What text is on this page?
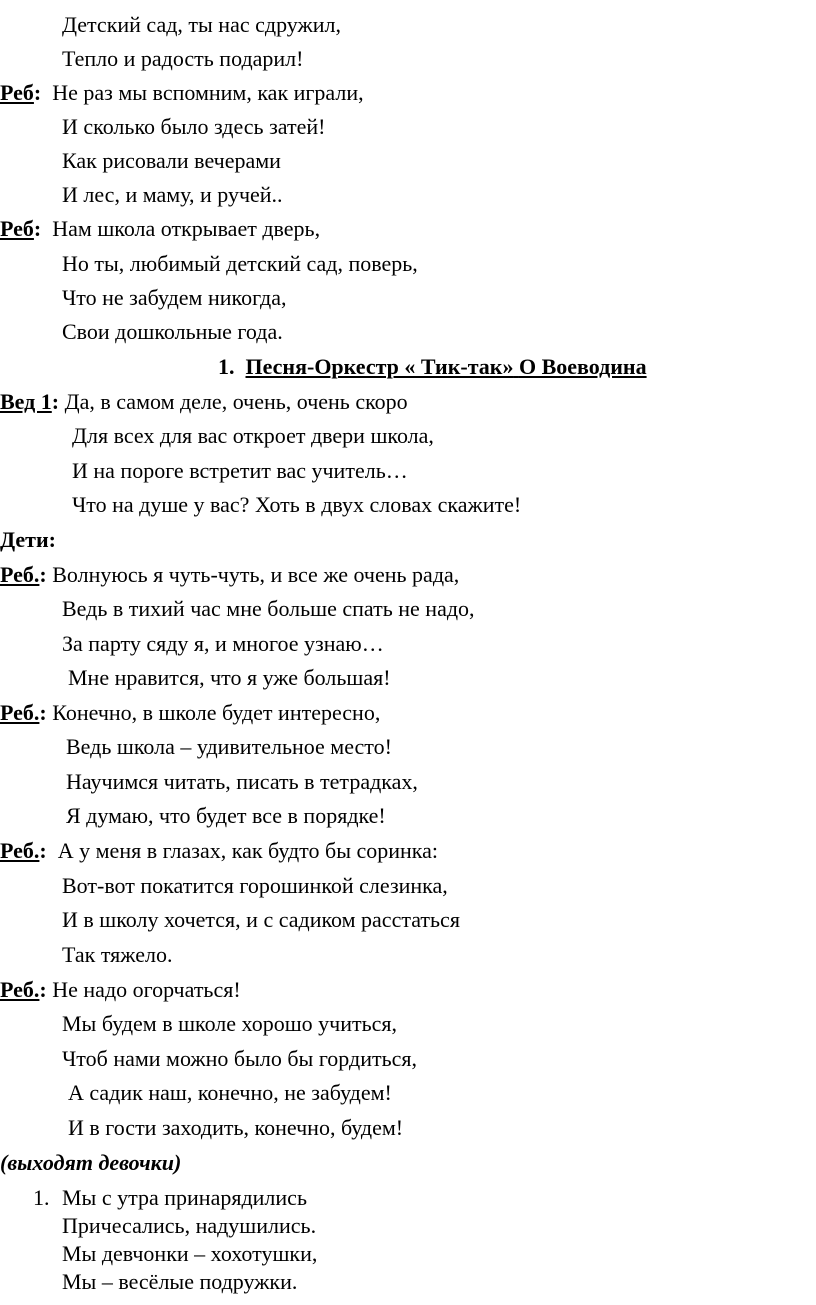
Детский сад, ты нас сдружил,
Тепло и радость подарил!
Реб: Не раз мы вспомним, как играли,
И сколько было здесь затей!
Как рисовали вечерами
И лес, и маму, и ручей..
Реб: Нам школа открывает дверь,
Но ты, любимый детский сад, поверь,
Что не забудем никогда,
Свои дошкольные года.
1. Песня-Оркестр « Тик-так» О Воеводина
Вед 1: Да, в самом деле, очень, очень скоро
Для всех для вас откроет двери школа,
И на пороге встретит вас учитель…
Что на душе у вас? Хоть в двух словах скажите!
Дети:
Реб.: Волнуюсь я чуть-чуть, и все же очень рада,
Ведь в тихий час мне больше спать не надо,
За парту сяду я, и многое узнаю…
Мне нравится, что я уже большая!
Реб.: Конечно, в школе будет интересно,
Ведь школа – удивительное место!
Научимся читать, писать в тетрадках,
Я думаю, что будет все в порядке!
Реб.: А у меня в глазах, как будто бы соринка:
Вот-вот покатится горошинкой слезинка,
И в школу хочется, и с садиком расстаться
Так тяжело.
Реб.: Не надо огорчаться!
Мы будем в школе хорошо учиться,
Чтоб нами можно было бы гордиться,
А садик наш, конечно, не забудем!
И в гости заходить, конечно, будем!
(выходят девочки)
1. Мы с утра принарядились
Причесались, надушились.
Мы девчонки – хохотушки,
Мы – весёлые подружки.
